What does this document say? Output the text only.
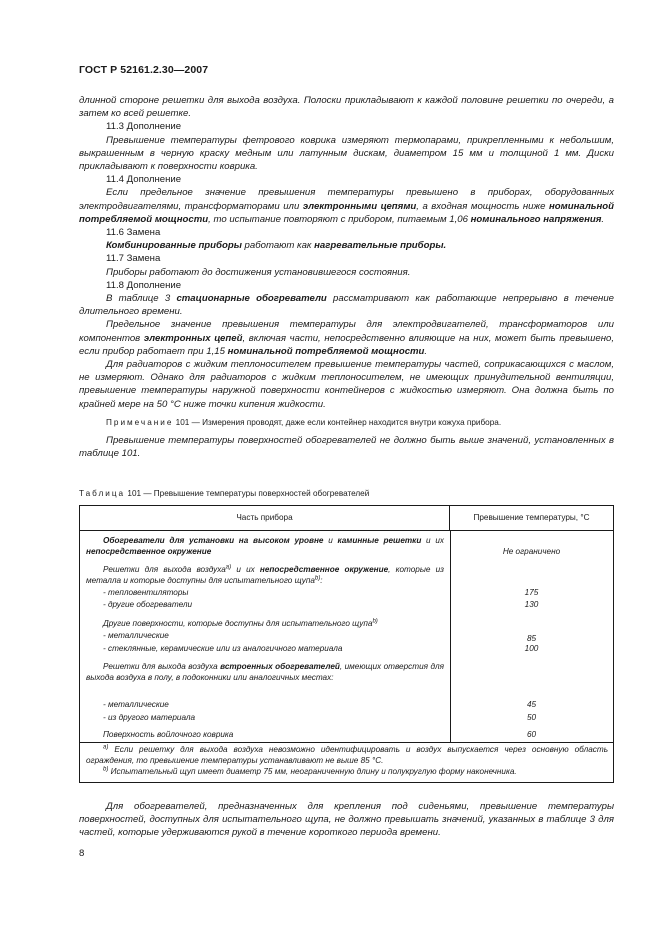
ГОСТ Р 52161.2.30—2007

длинной стороне решетки для выхода воздуха. Полоски прикладывают к каждой половине решетки по очереди, а затем ко всей решетке.

11.3 Дополнение

Превышение температуры фетрового коврика измеряют термопарами, прикрепленными к небольшим, выкрашенным в черную краску медным или латунным дискам, диаметром 15 мм и толщиной 1 мм. Диски прикладывают к поверхности коврика.

11.4 Дополнение

Если предельное значение превышения температуры превышено в приборах, оборудованных электродвигателями, трансформаторами или электронными цепями, а входная мощность ниже номинальной потребляемой мощности, то испытание повторяют с прибором, питаемым 1,06 номинального напряжения.

11.6 Замена

Комбинированные приборы работают как нагревательные приборы.

11.7 Замена

Приборы работают до достижения установившегося состояния.

11.8 Дополнение

В таблице 3 стационарные обогреватели рассматривают как работающие непрерывно в течение длительного времени.

Предельное значение превышения температуры для электродвигателей, трансформаторов или компонентов электронных цепей, включая части, непосредственно влияющие на них, может быть превышено, если прибор работает при 1,15 номинальной потребляемой мощности.

Для радиаторов с жидким теплоносителем превышение температуры частей, соприкасающихся с маслом, не измеряют. Однако для радиаторов с жидким теплоносителем, не имеющих принудительной вентиляции, превышение температуры наружной поверхности контейнеров с жидкостью измеряют. Она должна быть по крайней мере на 50 °С ниже точки кипения жидкости.

Примечание 101 — Измерения проводят, даже если контейнер находится внутри кожуха прибора.

Превышение температуры поверхностей обогревателей не должно быть выше значений, установленных в таблице 101.

Таблица 101 — Превышение температуры поверхностей обогревателей
Часть прибора	Превышение температуры, °С
Обогреватели для установки на высоком уровне и каминные решетки и их непосредственное окружение	Не ограничено
Решетки для выхода воздуха$^{a)}$ и их непосредственное окружение, которые из металла и которые доступны для испытательного щупа$^{b)}$:
- тепловентиляторы	175
- другие обогреватели	130
Другие поверхности, которые доступны для испытательного щупа$^{b)}$
- металлические	85
- стеклянные, керамические или из аналогичного материала	100
Решетки для выхода воздуха встроенных обогревателей, имеющих отверстия для выхода воздуха в полу, в подоконники или аналогичных местах:
- металлические	45
- из другого материала	50
Поверхность войлочного коврика	60

$^{a)}$ Если решетку для выхода воздуха невозможно идентифицировать и воздух выпускается через основную область ограждения, то превышение температуры устанавливают не выше 85 °С.

$^{b)}$ Испытательный щуп имеет диаметр 75 мм, неограниченную длину и полукруглую форму наконечника.

Для обогревателей, предназначенных для крепления под сиденьями, превышение температуры поверхностей, доступных для испытательного щупа, не должно превышать значений, указанных в таблице 3 для частей, которые удерживаются рукой в течение короткого периода времени.

8
